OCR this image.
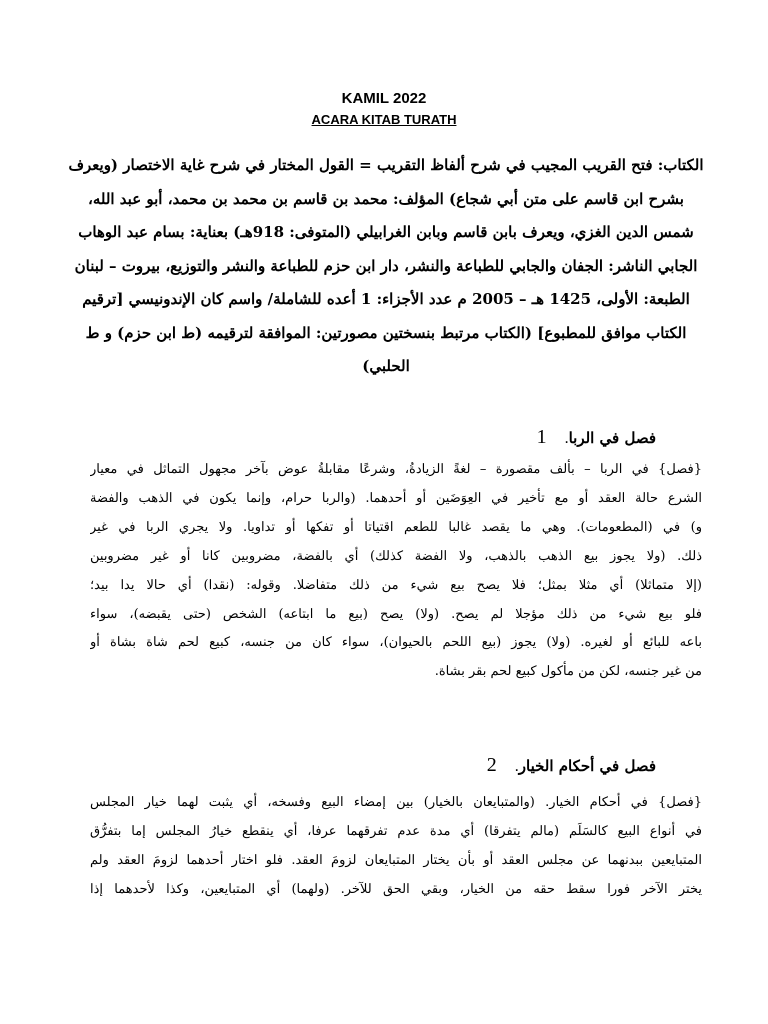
KAMIL 2022
ACARA KITAB TURATH
الكتاب: فتح القريب المجيب في شرح ألفاظ التقريب = القول المختار في شرح غاية الاختصار (ويعرف بشرح ابن قاسم على متن أبي شجاع) المؤلف: محمد بن قاسم بن محمد بن محمد، أبو عبد الله، شمس الدين الغزي، ويعرف بابن قاسم وبابن الغرابيلي (المتوفى: 918هـ) بعناية: بسام عبد الوهاب الجابي الناشر: الجفان والجابي للطباعة والنشر، دار ابن حزم للطباعة والنشر والتوزيع، بيروت – لبنان الطبعة: الأولى، 1425 هـ – 2005 م عدد الأجزاء: 1 أعده للشاملة/ واسم كان الإندونيسي [ترقيم الكتاب موافق للمطبوع] (الكتاب مرتبط بنسختين مصورتين: الموافقة لترقيمه (ط ابن حزم) و ط الحلبي)
فصل في الربا
.
1
{فصل} في الربا – بألف مقصورة – لغةً الزيادةُ، وشرعًا مقابلةُ عوض بآخر مجهول التماثل في معيار
الشرع حالة العقد أو مع تأخير في العِوَضَين أو أحدهما. (والربا حرام، وإنما يكون في الذهب والفضة
و) في (المطعومات). وهي ما يقصد غالبا للطعم اقتياتا أو تفكها أو تداويا. ولا يجري الربا في غير
ذلك. (ولا يجوز بيع الذهب بالذهب، ولا الفضة كذلك) أي بالفضة، مضروبين كانا أو غير مضروبين
(إلا متماثلا) أي مثلا بمثل؛ فلا يصح بيع شيء من ذلك متفاضلا. وقوله: (نقدا) أي حالا يدا بيد؛
فلو بيع شيء من ذلك مؤجلا لم يصح. (ولا) يصح (بيع ما ابتاعه) الشخص (حتى يقبضه)، سواء
باعه للبائع أو لغيره. (ولا) يجوز (بيع اللحم بالحيوان)، سواء كان من جنسه، كبيع لحم شاة بشاة أو
من غير جنسه، لكن من مأكول كبيع لحم بقر بشاة.
فصل في أحكام الخيار
.
2
{فصل} في أحكام الخيار. (والمتبايعان بالخيار) بين إمضاء البيع وفسخه، أي يثبت لهما خيار المجلس
في أنواع البيع كالسَلَم (مالم يتفرقا) أي مدة عدم تفرقهما عرفا، أي ينقطع خيارُ المجلس إما بتفرُّق
المتبايعين ببدنهما عن مجلس العقد أو بأن يختار المتبايعان لزومَ العقد. فلو اختار أحدهما لزومَ العقد ولم
يختر الآخر فورا سقط حقه من الخيار، وبقي الحق للآخر. (ولهما) أي المتبايعين، وكذا لأحدهما إذا
